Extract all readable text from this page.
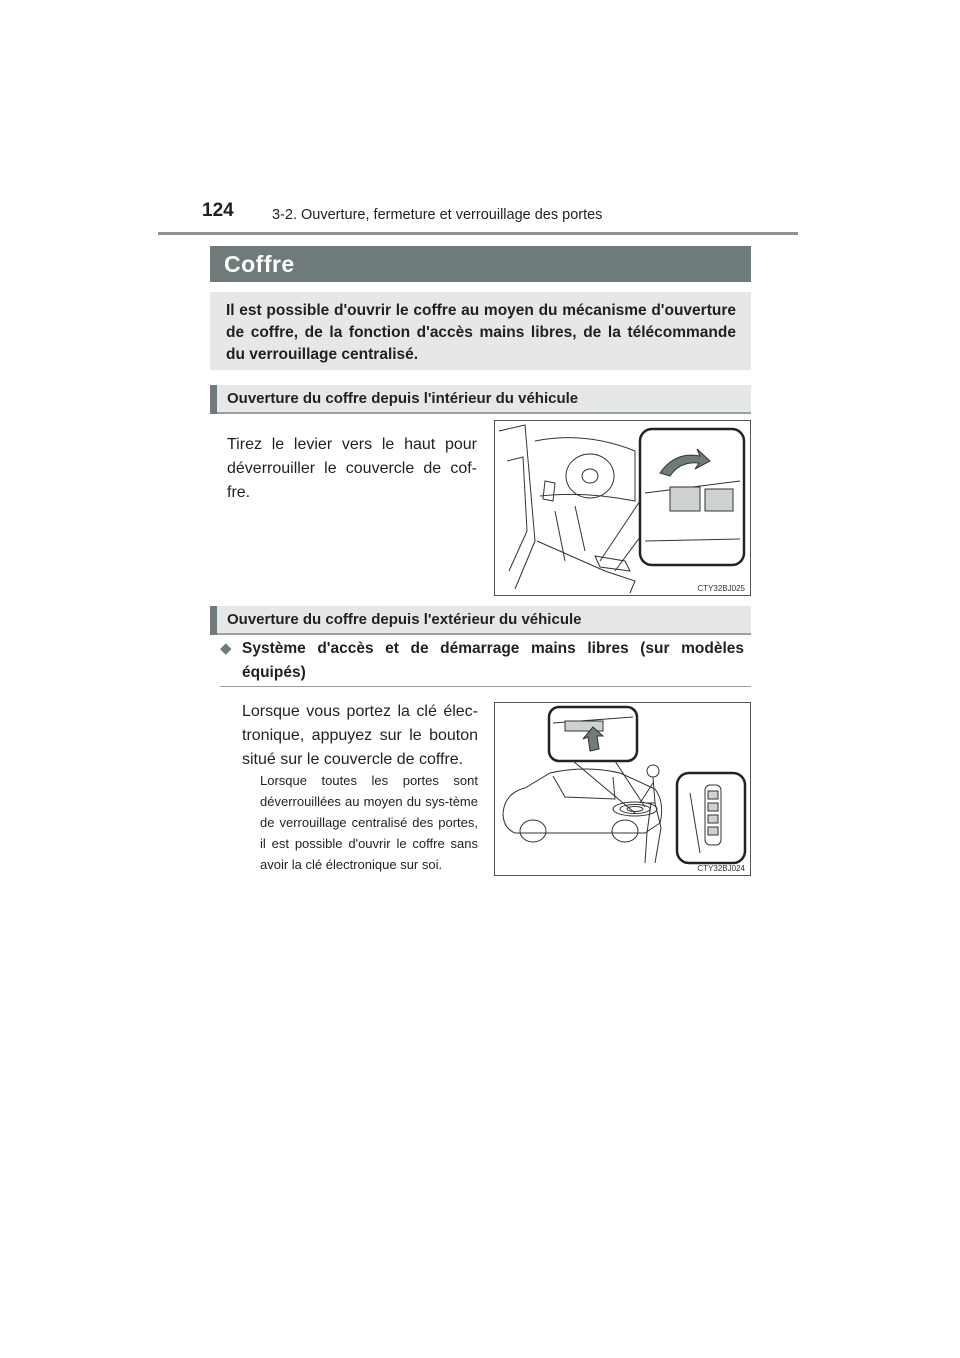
124	3-2. Ouverture, fermeture et verrouillage des portes
Coffre

Il est possible d'ouvrir le coffre au moyen du mécanisme d'ouverture de coffre, de la fonction d'accès mains libres, de la télécommande du verrouillage centralisé.

Ouverture du coffre depuis l'intérieur du véhicule

Tirez le levier vers le haut pour déverrouiller le couvercle de cof-fre.

CTY32BJ025
Ouverture du coffre depuis l'extérieur du véhicule
◆ Système d'accès et de démarrage mains libres (sur modèles équipés)

Lorsque vous portez la clé élec-tronique, appuyez sur le bouton situé sur le couvercle de coffre.

Lorsque toutes les portes sont déverrouillées au moyen du sys-tème de verrouillage centralisé des portes, il est possible d'ouvrir le coffre sans avoir la clé électronique sur soi.	CTY32BJ024
